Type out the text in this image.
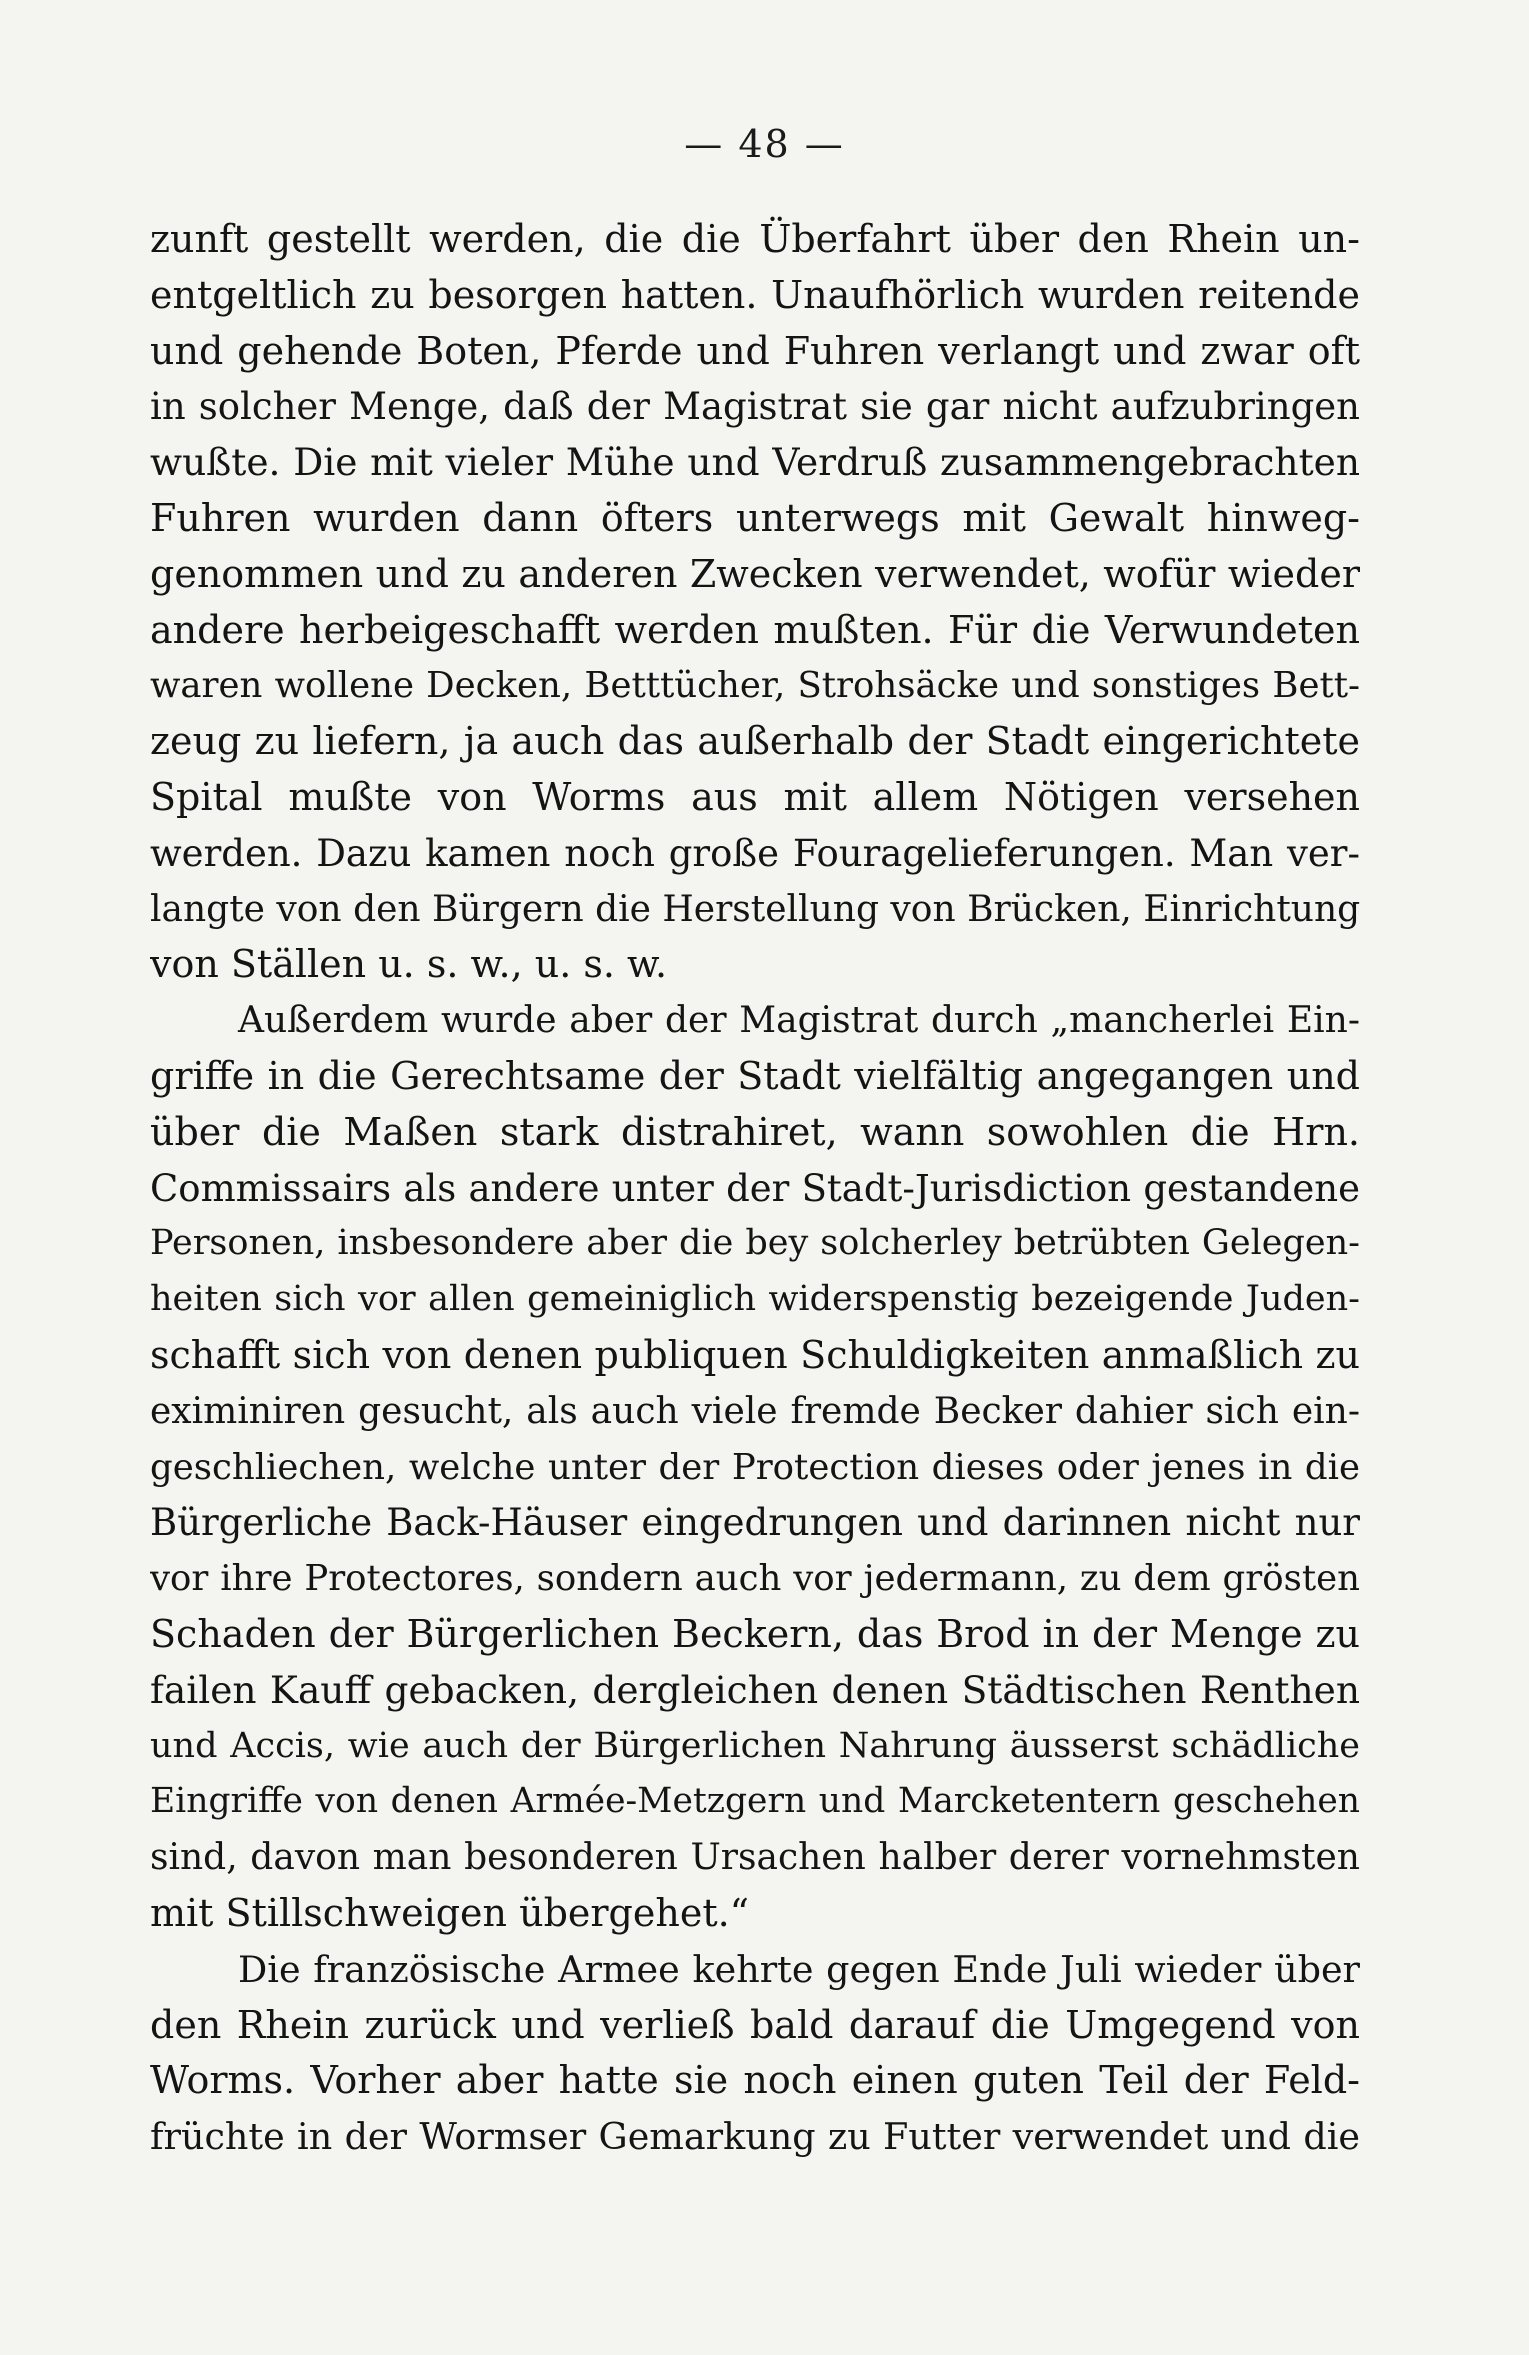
— 48 —
zunft gestellt werden, die die Überfahrt über den Rhein un-
entgeltlich zu besorgen hatten. Unaufhörlich wurden reitende
und gehende Boten, Pferde und Fuhren verlangt und zwar oft
in solcher Menge, daß der Magistrat sie gar nicht aufzubringen
wußte. Die mit vieler Mühe und Verdruß zusammengebrachten
Fuhren wurden dann öfters unterwegs mit Gewalt hinweg-
genommen und zu anderen Zwecken verwendet, wofür wieder
andere herbeigeschafft werden mußten. Für die Verwundeten
waren wollene Decken, Betttücher, Strohsäcke und sonstiges Bett-
zeug zu liefern, ja auch das außerhalb der Stadt eingerichtete
Spital mußte von Worms aus mit allem Nötigen versehen
werden. Dazu kamen noch große Fouragelieferungen. Man ver-
langte von den Bürgern die Herstellung von Brücken, Einrichtung
von Ställen u. s. w., u. s. w.
Außerdem wurde aber der Magistrat durch „mancherlei Ein-
griffe in die Gerechtsame der Stadt vielfältig angegangen und
über die Maßen stark distrahiret, wann sowohlen die Hrn.
Commissairs als andere unter der Stadt-Jurisdiction gestandene
Personen, insbesondere aber die bey solcherley betrübten Gelegen-
heiten sich vor allen gemeiniglich widerspenstig bezeigende Juden-
schafft sich von denen publiquen Schuldigkeiten anmaßlich zu
eximiniren gesucht, als auch viele fremde Becker dahier sich ein-
geschliechen, welche unter der Protection dieses oder jenes in die
Bürgerliche Back-Häuser eingedrungen und darinnen nicht nur
vor ihre Protectores, sondern auch vor jedermann, zu dem grösten
Schaden der Bürgerlichen Beckern, das Brod in der Menge zu
failen Kauff gebacken, dergleichen denen Städtischen Renthen
und Accis, wie auch der Bürgerlichen Nahrung äusserst schädliche
Eingriffe von denen Armée-Metzgern und Marcketentern geschehen
sind, davon man besonderen Ursachen halber derer vornehmsten
mit Stillschweigen übergehet.“
Die französische Armee kehrte gegen Ende Juli wieder über
den Rhein zurück und verließ bald darauf die Umgegend von
Worms. Vorher aber hatte sie noch einen guten Teil der Feld-
früchte in der Wormser Gemarkung zu Futter verwendet und die
